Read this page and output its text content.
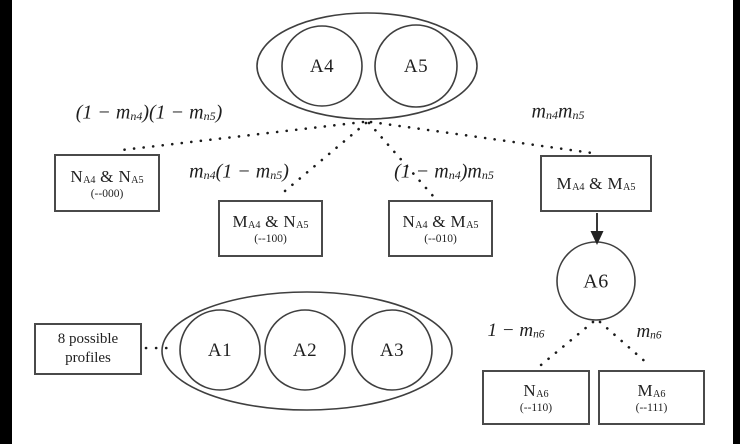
A4	A5
A6
A1	A2	A3
$(1 - m_{n4})(1 - m_{n5})$	$m_{n4}m_{n5}$
$m_{n4}(1 - m_{n5})$	$(1 - m_{n4})m_{n5}$
$1 - m_{n6}$	$m_{n6}$
$N_{A4}$ & $N_{A5}$
(--000)
$M_{A4}$ & $N_{A5}$
(--100)
$N_{A4}$ & $M_{A5}$
(--010)
$M_{A4}$ & $M_{A5}$
$N_{A6}$
(--110)
$M_{A6}$
(--111)
8 possible
profiles
